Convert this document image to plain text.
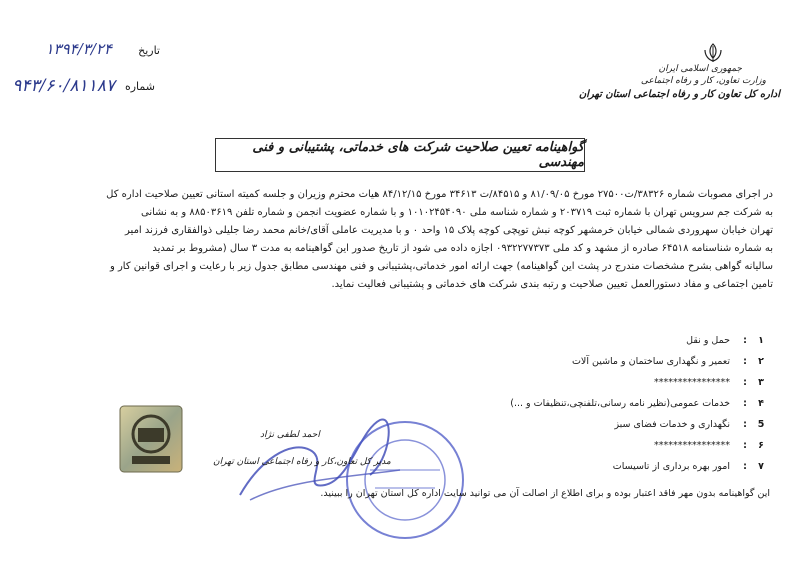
تاریخ
۱۳۹۴/۳/۲۴
شماره
۹۴۳/۶۰/۸۱۱۸۷
جمهوری اسلامی ایران
وزارت تعاون، کار و رفاه اجتماعی
اداره کل تعاون کار و رفاه اجتماعی استان تهران
گواهینامه تعیین صلاحیت شرکت های خدماتی، پشتیبانی و فنی مهندسی

در اجرای مصوبات شماره ۳۸۳۲۶/ت۲۷۵۰۰ مورخ ۸۱/۰۹/۰۵ و ۸۴۵۱۵/ت ۳۴۶۱۳ مورخ ۸۴/۱۲/۱۵ هیات محترم وزیران و جلسه کمیته استانی تعیین صلاحیت اداره کل

به شرکت جم سرویس تهران با شماره ثبت ۲۰۳۷۱۹ و شماره شناسه ملی ۱۰۱۰۲۴۵۴۰۹۰ و با شماره عضویت انجمن و شماره تلفن ۸۸۵۰۳۶۱۹ و به نشانی

تهران خیابان سهروردی شمالی خیابان خرمشهر کوچه نبش توپچی کوچه پلاک ۱۵ واحد ۰ و با مدیریت عاملی آقای/خانم محمد رضا جلیلی ذوالفقاری فرزند امیر

به شماره شناسنامه ۶۴۵۱۸ صادره از مشهد و کد ملی ۰۹۳۲۲۷۷۳۷۳ اجازه داده می شود از تاریخ صدور این گواهینامه به مدت ۳ سال (مشروط بر تمدید

سالیانه گواهی بشرح مشخصات مندرج در پشت این گواهینامه) جهت ارائه امور خدماتی،پشتیبانی و فنی مهندسی مطابق جدول زیر با رعایت و اجرای قوانین کار و

تامین اجتماعی و مفاد دستورالعمل تعیین صلاحیت و رتبه بندی شرکت های خدماتی و پشتیبانی فعالیت نماید.

۱
:
حمل و نقل
۲
:
تعمیر و نگهداری ساختمان و ماشین آلات
۳
:
****************
۴
:
خدمات عمومی(نظیر نامه رسانی،تلفنچی،تنظیفات و ...)
5
:
نگهداری و خدمات فضای سبز
۶
:
****************
۷
:
امور بهره برداری از تاسیسات
احمد لطفی نژاد
مدیر کل تعاون،کار و رفاه اجتماعی استان تهران
این گواهینامه بدون مهر فاقد اعتبار بوده و برای اطلاع از اصالت آن می توانید سایت اداره کل استان تهران را ببینید.
